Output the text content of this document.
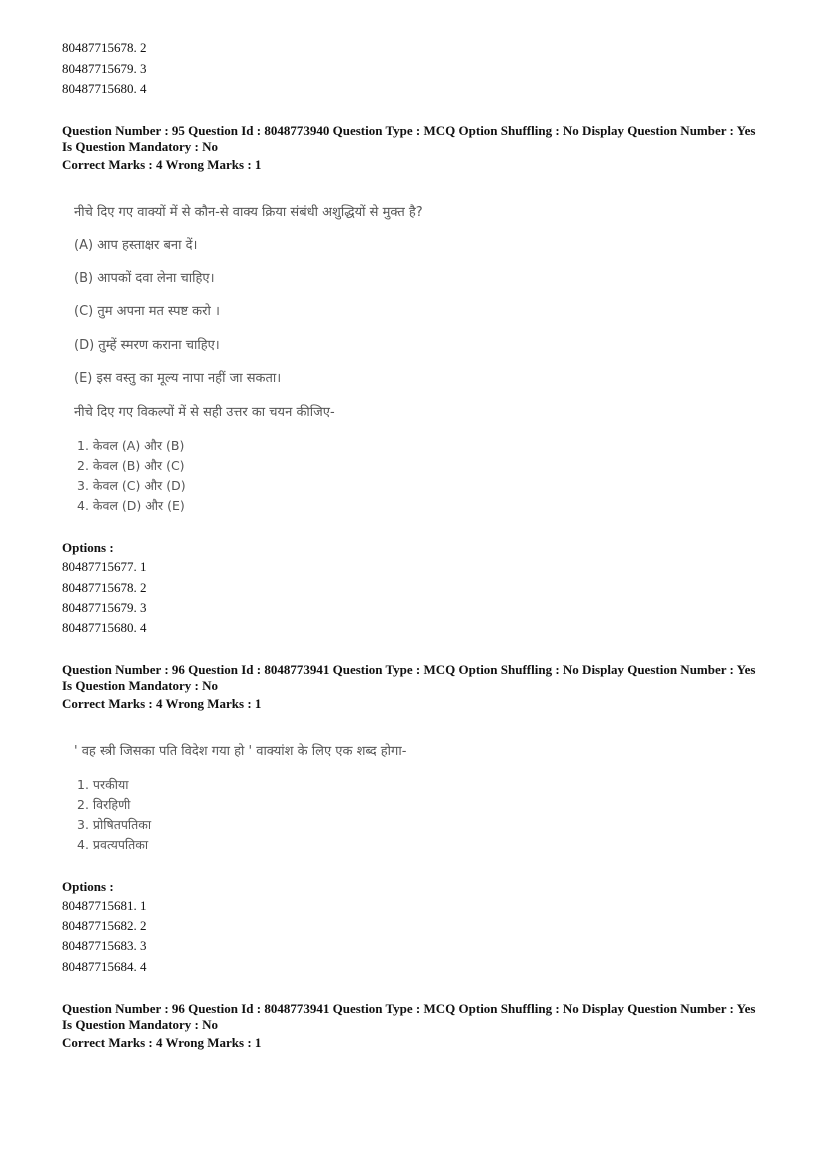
80487715678. 2
80487715679. 3
80487715680. 4
Question Number : 95 Question Id : 8048773940 Question Type : MCQ Option Shuffling : No Display Question Number : Yes
Is Question Mandatory : No
Correct Marks : 4 Wrong Marks : 1
नीचे दिए गए वाक्यों में से कौन-से वाक्य क्रिया संबंधी अशुद्धियों से मुक्त है?
(A) आप हस्ताक्षर बना दें।
(B) आपकों दवा लेना चाहिए।
(C) तुम अपना मत स्पष्ट करो ।
(D) तुम्हें स्मरण कराना चाहिए।
(E) इस वस्तु का मूल्य नापा नहीं जा सकता।
नीचे दिए गए विकल्पों में से सही उत्तर का चयन कीजिए-
1. केवल (A) और (B)
2. केवल (B) और (C)
3. केवल (C) और (D)
4. केवल (D) और (E)
Options :
80487715677. 1
80487715678. 2
80487715679. 3
80487715680. 4
Question Number : 96 Question Id : 8048773941 Question Type : MCQ Option Shuffling : No Display Question Number : Yes
Is Question Mandatory : No
Correct Marks : 4 Wrong Marks : 1
' वह स्त्री जिसका पति विदेश गया हो ' वाक्यांश के लिए एक शब्द होगा-
1. परकीया
2. विरहिणी
3. प्रोषितपतिका
4. प्रवत्यपतिका
Options :
80487715681. 1
80487715682. 2
80487715683. 3
80487715684. 4
Question Number : 96 Question Id : 8048773941 Question Type : MCQ Option Shuffling : No Display Question Number : Yes
Is Question Mandatory : No
Correct Marks : 4 Wrong Marks : 1
